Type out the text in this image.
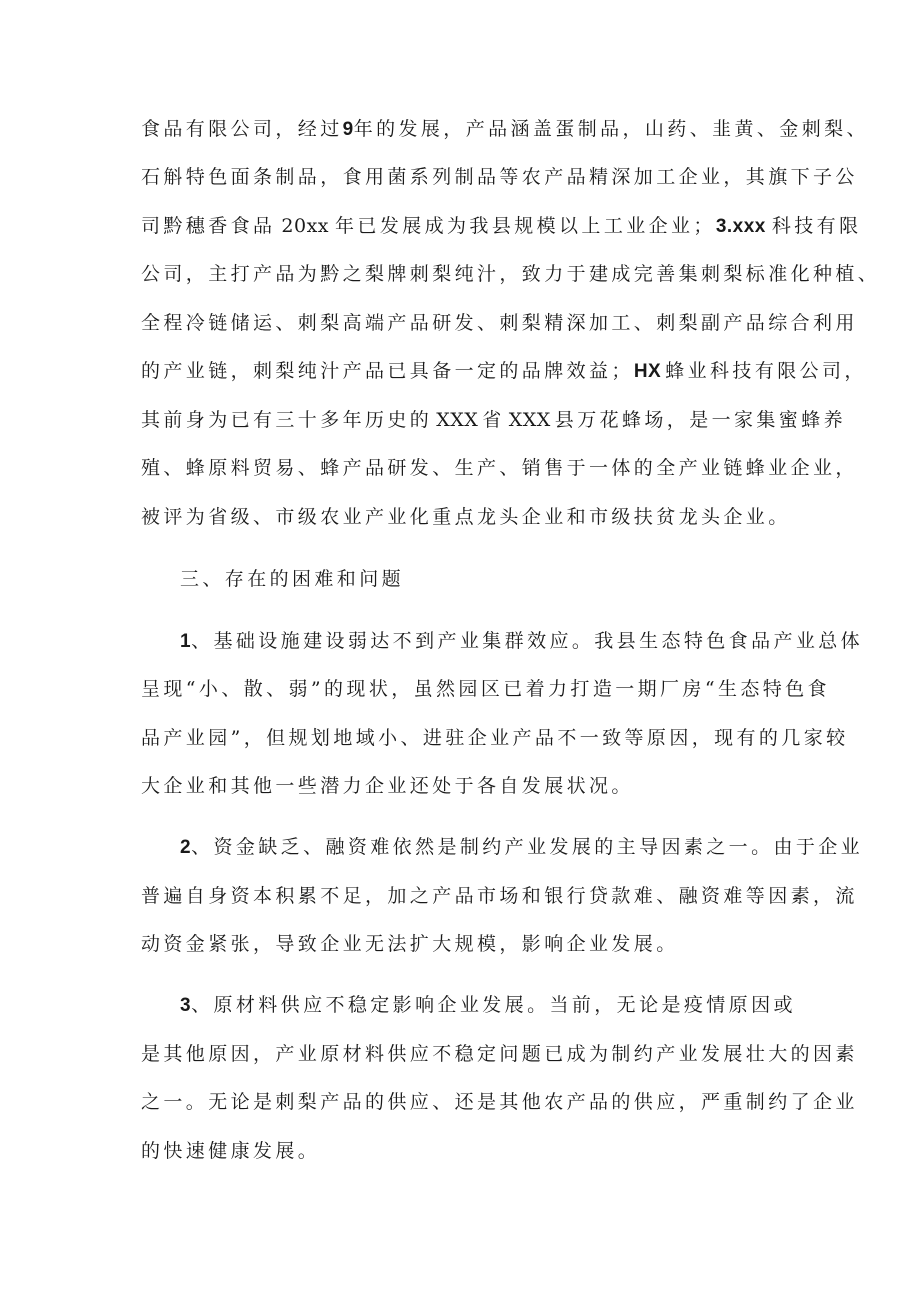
食品有限公司，经过9年的发展，产品涵盖蛋制品，山药、韭黄、金刺梨、
石斛特色面条制品，食用菌系列制品等农产品精深加工企业，其旗下子公
司黔穗香食品 20xx 年已发展成为我县规模以上工业企业；3.xxx 科技有限
公司，主打产品为黔之梨牌刺梨纯汁，致力于建成完善集刺梨标准化种植、
全程冷链储运、刺梨高端产品研发、刺梨精深加工、刺梨副产品综合利用
的产业链，刺梨纯汁产品已具备一定的品牌效益；HX 蜂业科技有限公司，
其前身为已有三十多年历史的 XXX 省 XXX 县万花蜂场，是一家集蜜蜂养
殖、蜂原料贸易、蜂产品研发、生产、销售于一体的全产业链蜂业企业，
被评为省级、市级农业产业化重点龙头企业和市级扶贫龙头企业。
三、存在的困难和问题
1、基础设施建设弱达不到产业集群效应。我县生态特色食品产业总体
呈现“小、散、弱”的现状，虽然园区已着力打造一期厂房“生态特色食
品产业园”，但规划地域小、进驻企业产品不一致等原因，现有的几家较
大企业和其他一些潜力企业还处于各自发展状况。
2、资金缺乏、融资难依然是制约产业发展的主导因素之一。由于企业
普遍自身资本积累不足，加之产品市场和银行贷款难、融资难等因素，流
动资金紧张，导致企业无法扩大规模，影响企业发展。
3、原材料供应不稳定影响企业发展。当前，无论是疫情原因或
是其他原因，产业原材料供应不稳定问题已成为制约产业发展壮大的因素
之一。无论是刺梨产品的供应、还是其他农产品的供应，严重制约了企业
的快速健康发展。
